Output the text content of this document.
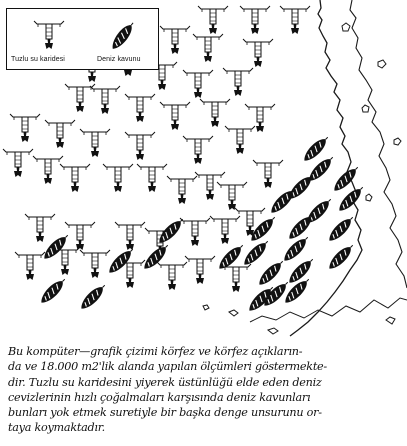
Tuzlu su karidesi	Deniz kavunu
Bu kompüter—grafik çizimi körfez ve körfez açıkların-
da ve 18.000 m2'lik alanda yapılan ölçümleri göstermekte-
dir. Tuzlu su karidesini yiyerek üstünlüğü elde eden deniz
cevizlerinin hızlı çoğalmaları karşısında deniz kavunları
bunları yok etmek suretiyle bir başka denge unsurunu or-
taya koymaktadır.
